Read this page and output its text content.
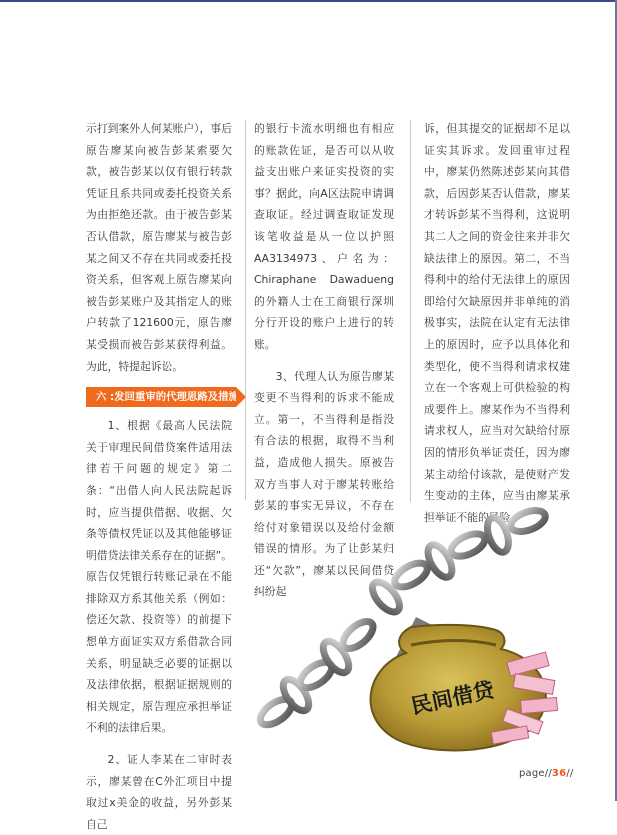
示打到案外人何某账户），事后原告廖某向被告彭某索要欠款，被告彭某以仅有银行转款凭证且系共同或委托投资关系为由拒绝还款。由于被告彭某否认借款，原告廖某与被告彭某之间又不存在共同或委托投资关系，但客观上原告廖某向被告彭某账户及其指定人的账户转款了121600元，原告廖某受损而被告彭某获得利益。为此，特提起诉讼。

六 :发回重审的代理思路及措施

1、根据《最高人民法院关于审理民间借贷案件适用法律若干问题的规定》第二条：“出借人向人民法院起诉时，应当提供借据、收据、欠条等债权凭证以及其他能够证明借贷法律关系存在的证据”。原告仅凭银行转账记录在不能排除双方系其他关系（例如：偿还欠款、投资等）的前提下想单方面证实双方系借款合同关系，明显缺乏必要的证据以及法律依据，根据证据规则的相关规定，原告理应承担举证不利的法律后果。

2、证人李某在二审时表示，廖某曾在C外汇项目中提取过x美金的收益，另外彭某自己

的银行卡流水明细也有相应的账款佐证，是否可以从收益支出账户来证实投资的实事？据此，向A区法院申请调查取证。经过调查取证发现该笔收益是从一位以护照AA3134973、户名为：Chiraphane Dawadueng的外籍人士在工商银行深圳分行开设的账户上进行的转账。

3、代理人认为原告廖某变更不当得利的诉求不能成立。第一，不当得利是指没有合法的根据，取得不当利益，造成他人损失。原被告双方当事人对于廖某转账给彭某的事实无异议，不存在给付对象错误以及给付金额错误的情形。为了让彭某归还“欠款”，廖某以民间借贷纠纷起

诉，但其提交的证据却不足以证实其诉求。发回重审过程中，廖某仍然陈述彭某向其借款，后因彭某否认借款，廖某才转诉彭某不当得利，这说明其二人之间的资金往来并非欠缺法律上的原因。第二，不当得利中的给付无法律上的原因即给付欠缺原因并非单纯的消极事实，法院在认定有无法律上的原因时，应予以具体化和类型化，使不当得利请求权建立在一个客观上可供检验的构成要件上。廖某作为不当得利请求权人，应当对欠缺给付原因的情形负举证责任，因为廖某主动给付该款，是使财产发生变动的主体，应当由廖某承担举证不能的风险。

民间借贷
page//36//
